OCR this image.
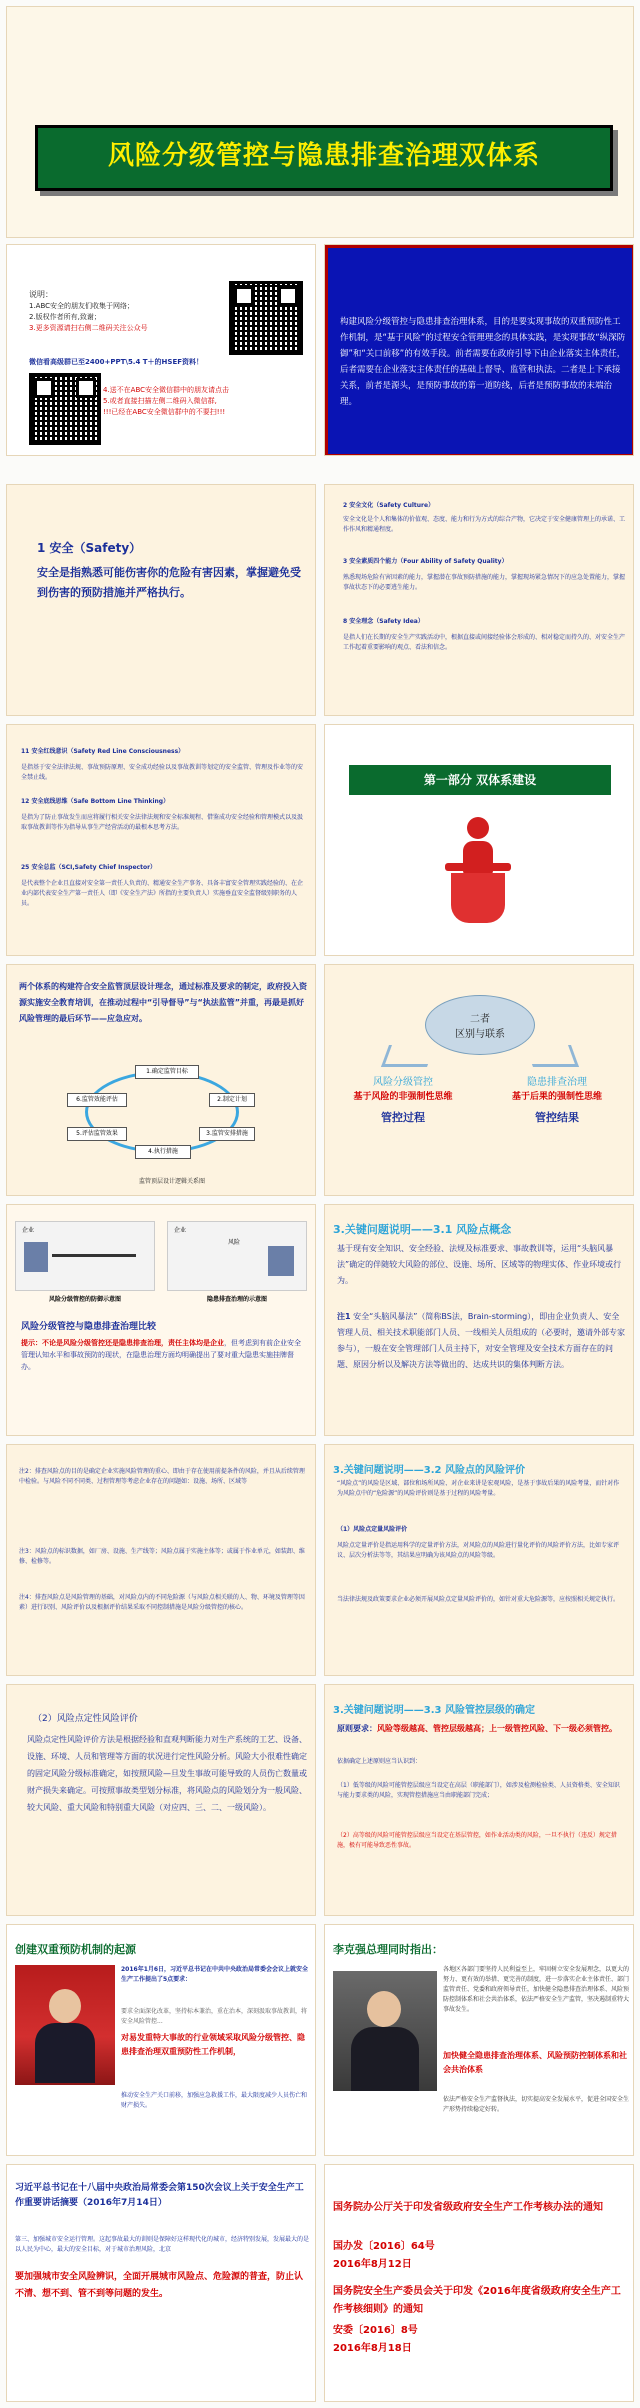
风险分级管控与隐患排查治理双体系
说明：
1.ABC安全的朋友们收集于网络；
2.版权作者所有,致谢；
3.更多资源请扫右侧二维码关注公众号
微信看高级群已至2400+PPT\5.4 T＋的HSEF资料！
4.送不在ABC安全微信群中的朋友请点击
5.或者直接扫描左侧二维码入微信群,
!!!已经在ABC安全微信群中的不要扫!!!
构建风险分级管控与隐患排查治理体系，目的是要实现事故的双重预防性工作机制，是“基于风险”的过程安全管理理念的具体实践，是实现事故“纵深防御”和“关口前移”的有效手段。前者需要在政府引导下由企业落实主体责任，后者需要在企业落实主体责任的基础上督导、监管和执法。二者是上下承接关系，前者是源头，是预防事故的第一道防线，后者是预防事故的末端治理。
1 安全（Safety）
安全是指熟悉可能伤害你的危险有害因素，掌握避免受到伤害的预防措施并严格执行。
2 安全文化（Safety Culture）
安全文化是个人和集体的价值观、态度、能力和行为方式的综合产物，它决定于安全健康管理上的承诺、工作作风和精通程度。
3 安全素质四个能力（Four Ability of Safety Quality）
熟悉现场危险有害因素的能力，掌握潜在事故预防措施的能力，掌握现场紧急情况下的应急处置能力，掌握事故状态下的必要逃生能力。
8 安全理念（Safety Idea）
是指人们在长期的安全生产实践活动中，根据直接或间接经验体会形成的、相对稳定而持久的、对安全生产工作起着重要影响的观点、看法和信念。
11 安全红线意识（Safety Red Line Consciousness）
是指基于安全法律法规、事故预防原理、安全成功经验以及事故教训等划定的安全监管、管理及作业等的安全禁止线。
12 安全底线思维（Safe Bottom Line Thinking）
是指为了防止事故发生而应将履行相关安全法律法规和安全标准规程、借鉴成功安全经验和管理模式以及汲取事故教训等作为指导从事生产经营活动的最根本思考方法。
25 安全总监（SCI,Safety Chief Inspector）
是代表整个企业且直接对安全第一责任人负责的、精通安全生产事务、具备丰富安全管理实践经验的、在企业内部代表安全生产第一责任人（即《安全生产法》所指的主要负责人）实施垂直安全监督级别职务的人员。
第一部分 双体系建设
两个体系的构建符合安全监管顶层设计理念，通过标准及要求的制定，政府投入资源实施安全教育培训，在推动过程中“引导督导”与“执法监管”并重，再最是抓好风险管理的最后环节——应急应对。
1.确定监管目标
2.制定计划
3.监管安排措施
4.执行措施
5.评估监管效果
6.监管效能评估
监管顶层设计逻辑关系图
二者
区别与联系
风险分级管控	隐患排查治理
基于风险的非强制性思维	基于后果的强制性思维
管控过程	管控结果
企业	企业
风险
风险分级管控的防御示意图	隐患排查治理的示意图
风险分级管控与隐患排查治理比较
提示：不论是风险分级管控还是隐患排查治理，责任主体均是企业，但考虑到有前企业安全管理认知水平和事故预防的现状，在隐患治理方面均明确提出了要对重大隐患实施挂牌督办。
3.关键问题说明——3.1 风险点概念
基于现有安全知识、安全经验、法规及标准要求、事故教训等，运用“头脑风暴法”确定的伴随较大风险的部位、设施、场所、区域等的物理实体、作业环境或行为。
注1 安全“头脑风暴法”（简称BS法，Brain-storming），即由企业负责人、安全管理人员、相关技术职能部门人员、一线相关人员组成的（必要时，邀请外部专家参与），一般在安全管理部门人员主持下，对安全管理及安全技术方面存在的问题、原因分析以及解决方法等做出的、达成共识的集体判断方法。
注2：排查风险点的目的是确定企业实施风险管理的重心、即由于存在使用前提条件的风险，并且从后续管理中检验。与风险不同不同类、过程管理等考虑企业存在的问题如：设施、场所、区域等
注3：风险点的标识数据，如厂房、设施、生产线等；风险点属于实施主体等；或属于作业单元，如装卸、维修、检修等。
注4：排查风险点是风险管理的基础，对风险点内的不同危险源（与风险点相关联的人、物、环境及管理等因素）进行识别、风险评价以及根据评价结果采取不同控制措施是风险分级管控的核心。
3.关键问题说明——3.2 风险点的风险评价
“风险点”的风险是区域、部位和场所风险、对企业来讲是宏观风险，是基于事故后果的风险考量，而针对作为风险点中的“危险源”的风险评价则是基于过程的风险考量。
（1）风险点定量风险评价
风险点定量评价是指运用科学的定量评价方法，对风险点的风险进行量化评价的风险评价方法，比如专家评议、层次分析法等等，其结果应明确为该风险点的风险等级。
当法律法规及政策要求企业必须开展风险点定量风险评价的，如针对重大危险源等，应按照相关规定执行。
（2）风险点定性风险评价
风险点定性风险评价方法是根据经验和直观判断能力对生产系统的工艺、设备、设施、环境、人员和管理等方面的状况进行定性风险分析。风险大小很难性确定的固定风险分级标准确定，如按照风险—旦发生事故可能导致的人员伤亡数量或财产损失来确定。可按照事故类型划分标准，将风险点的风险划分为一般风险、较大风险、重大风险和特别重大风险（对应四、三、二、一级风险）。
3.关键问题说明——3.3 风险管控层级的确定
原则要求：风险等级越高、管控层级越高；上一级管控风险、下一级必须管控。
依据确定上述原则应当认识到：
（1）低等级的风险可能管控层级应当设定在高层（职能部门），如涉及检测检验类、人员资格类、安全知识与能力要求类的风险，实现管控措施应当由职能部门完成；
（2）高等级的风险可能管控层级应当设定在基层管控，如作业活动类的风险，一旦不执行（违反）规定措施，极有可能导致恶性事故。
创建双重预防机制的起源
2016年1月6日，习近平总书记在中共中央政治局常委会会议上就安全生产工作提出了5点要求：
要求全面深化改革，坚持标本兼治，重在治本，深刻汲取事故教训，将安全风险管控...
对易发重特大事故的行业领域采取风险分级管控、隐患排查治理双重预防性工作机制，
推动安全生产关口前移，加强应急救援工作，最大限度减少人员伤亡和财产损失。
李克强总理同时指出：
各地区各部门要坚持人民利益至上，牢固树立安全发展理念，以更大的努力、更有效的举措、更完善的制度，进一步落实企业主体责任、部门监管责任、党委和政府领导责任，加快健全隐患排查治理体系、风险预防控制体系和社会共治体系，依法严格安全生产监管，坚决遏制重特大事故发生。
加快健全隐患排查治理体系、风险预防控制体系和社会共治体系
依法严格安全生产监督执法，切实提高安全发展水平，促进全国安全生产形势持续稳定好转。
习近平总书记在十八届中央政治局常委会第150次会议上关于安全生产工作重要讲话摘要（2016年7月14日）
第三、加强城市安全运行管理。这起事故最大的训则是保障好这样现代化的城市，经济特别发展，发展最大的是以人民为中心，最大的安全目标，对于城市治理风险，北京
要加强城市安全风险辨识，全面开展城市风险点、危险源的普查，防止认不清、想不到、管不到等问题的发生。
国务院办公厅关于印发省级政府安全生产工作考核办法的通知
国办发〔2016〕64号
2016年8月12日
国务院安全生产委员会关于印发《2016年度省级政府安全生产工作考核细则》的通知
安委〔2016〕8号
2016年8月18日
